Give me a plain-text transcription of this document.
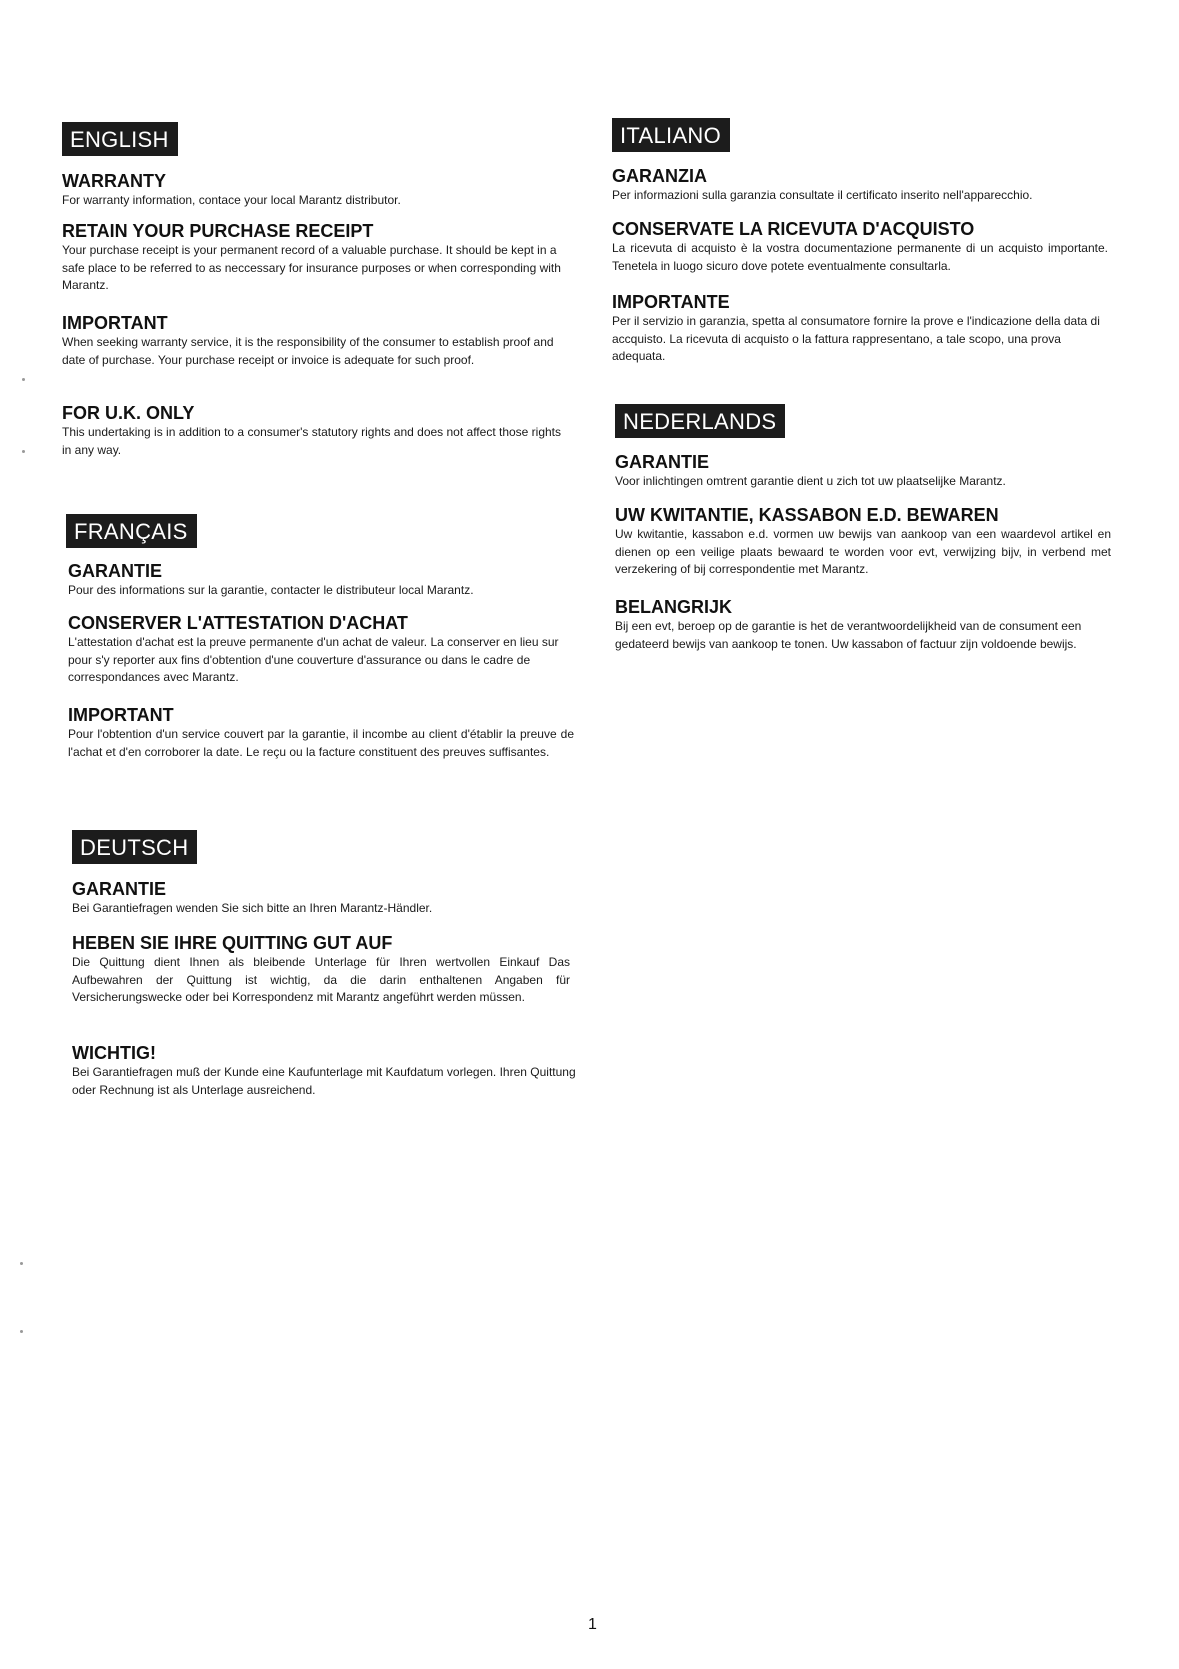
ENGLISH
WARRANTY

For warranty information, contace your local Marantz distributor.

RETAIN YOUR PURCHASE RECEIPT

Your purchase receipt is your permanent record of a valuable purchase. It should be kept in a safe place to be referred to as neccessary for insurance purposes or when corresponding with Marantz.

IMPORTANT

When seeking warranty service, it is the responsibility of the consumer to establish proof and date of purchase. Your purchase receipt or invoice is adequate for such proof.

FOR U.K. ONLY

This undertaking is in addition to a consumer's statutory rights and does not affect those rights in any way.

FRANÇAIS
GARANTIE

Pour des informations sur la garantie, contacter le distributeur local Marantz.

CONSERVER L'ATTESTATION D'ACHAT

L'attestation d'achat est la preuve permanente d'un achat de valeur. La conserver en lieu sur pour s'y reporter aux fins d'obtention d'une couverture d'assurance ou dans le cadre de correspondances avec Marantz.

IMPORTANT

Pour l'obtention d'un service couvert par la garantie, il incombe au client d'établir la preuve de l'achat et d'en corroborer la date. Le reçu ou la facture constituent des preuves suffisantes.

DEUTSCH
GARANTIE

Bei Garantiefragen wenden Sie sich bitte an Ihren Marantz-Händler.

HEBEN SIE IHRE QUITTING GUT AUF

Die Quittung dient Ihnen als bleibende Unterlage für Ihren wertvollen Einkauf Das Aufbewahren der Quittung ist wichtig, da die darin enthaltenen Angaben für Versicherungswecke oder bei Korrespondenz mit Marantz angeführt werden müssen.

WICHTIG!

Bei Garantiefragen muß der Kunde eine Kaufunterlage mit Kaufdatum vorlegen. Ihren Quittung oder Rechnung ist als Unterlage ausreichend.

ITALIANO
GARANZIA

Per informazioni sulla garanzia consultate il certificato inserito nell'apparecchio.

CONSERVATE LA RICEVUTA D'ACQUISTO

La ricevuta di acquisto è la vostra documentazione permanente di un acquisto importante. Tenetela in luogo sicuro dove potete eventualmente consultarla.

IMPORTANTE

Per il servizio in garanzia, spetta al consumatore fornire la prove e l'indicazione della data di accquisto. La ricevuta di acquisto o la fattura rappresentano, a tale scopo, una prova adequata.

NEDERLANDS
GARANTIE

Voor inlichtingen omtrent garantie dient u zich tot uw plaatselijke Marantz.

UW KWITANTIE, KASSABON E.D. BEWAREN

Uw kwitantie, kassabon e.d. vormen uw bewijs van aankoop van een waardevol artikel en dienen op een veilige plaats bewaard te worden voor evt, verwijzing bijv, in verbend met verzekering of bij correspondentie met Marantz.

BELANGRIJK

Bij een evt, beroep op de garantie is het de verantwoordelijkheid van de consument een gedateerd bewijs van aankoop te tonen. Uw kassabon of factuur zijn voldoende bewijs.

1
